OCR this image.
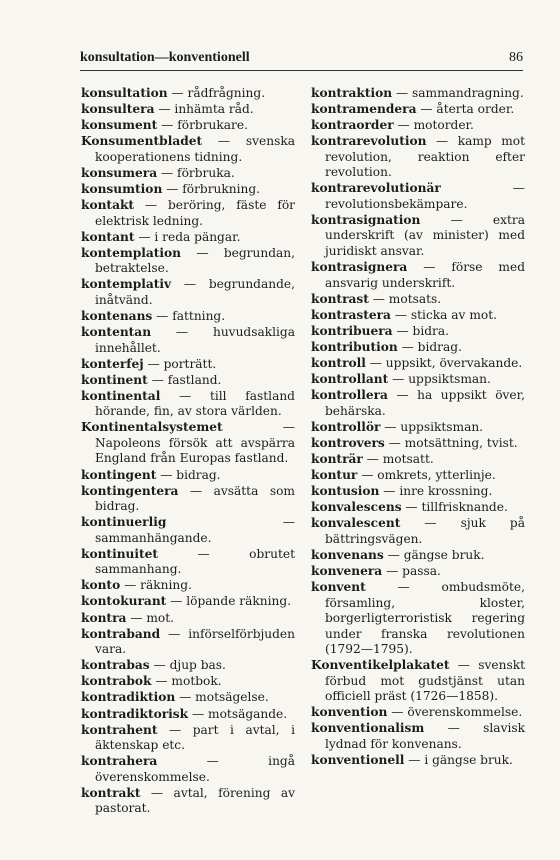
konsultation—konventionell	86

konsultation — rådfrågning.

konsultera — inhämta råd.

konsument — förbrukare.

Konsumentbladet — svenska kooperationens tidning.

konsumera — förbruka.

konsumtion — förbrukning.

kontakt — beröring, fäste för elektrisk ledning.

kontant — i reda pängar.

kontemplation — begrundan, betraktelse.

kontemplativ — begrundande, inåtvänd.

kontenans — fattning.

kontentan — huvudsakliga innehållet.

konterfej — porträtt.

kontinent — fastland.

kontinental — till fastland hörande, fin, av stora världen.

Kontinentalsystemet — Napoleons försök att avspärra England från Europas fastland.

kontingent — bidrag.

kontingentera — avsätta som bidrag.

kontinuerlig — sammanhängande.

kontinuitet — obrutet sammanhang.

konto — räkning.

kontokurant — löpande räkning.

kontra — mot.

kontraband — införselförbjuden vara.

kontrabas — djup bas.

kontrabok — motbok.

kontradiktion — motsägelse.

kontradiktorisk — motsägande.

kontrahent — part i avtal, i äktenskap etc.

kontrahera — ingå överenskommelse.

kontrakt — avtal, förening av pastorat.

kontraktion — sammandragning.

kontramendera — återta order.

kontraorder — motorder.

kontrarevolution — kamp mot revolution, reaktion efter revolution.

kontrarevolutionär — revolutionsbekämpare.

kontrasignation — extra underskrift (av minister) med juridiskt ansvar.

kontrasignera — förse med ansvarig underskrift.

kontrast — motsats.

kontrastera — sticka av mot.

kontribuera — bidra.

kontribution — bidrag.

kontroll — uppsikt, övervakande.

kontrollant — uppsiktsman.

kontrollera — ha uppsikt över, behärska.

kontrollör — uppsiktsman.

kontrovers — motsättning, tvist.

konträr — motsatt.

kontur — omkrets, ytterlinje.

kontusion — inre krossning.

konvalescens — tillfrisknande.

konvalescent — sjuk på bättringsvägen.

konvenans — gängse bruk.

konvenera — passa.

konvent — ombudsmöte, församling, kloster, borgerligterroristisk regering under franska revolutionen (1792—1795).

Konventikelplakatet — svenskt förbud mot gudstjänst utan officiell präst (1726—1858).

konvention — överenskommelse.

konventionalism — slavisk lydnad för konvenans.

konventionell — i gängse bruk.
